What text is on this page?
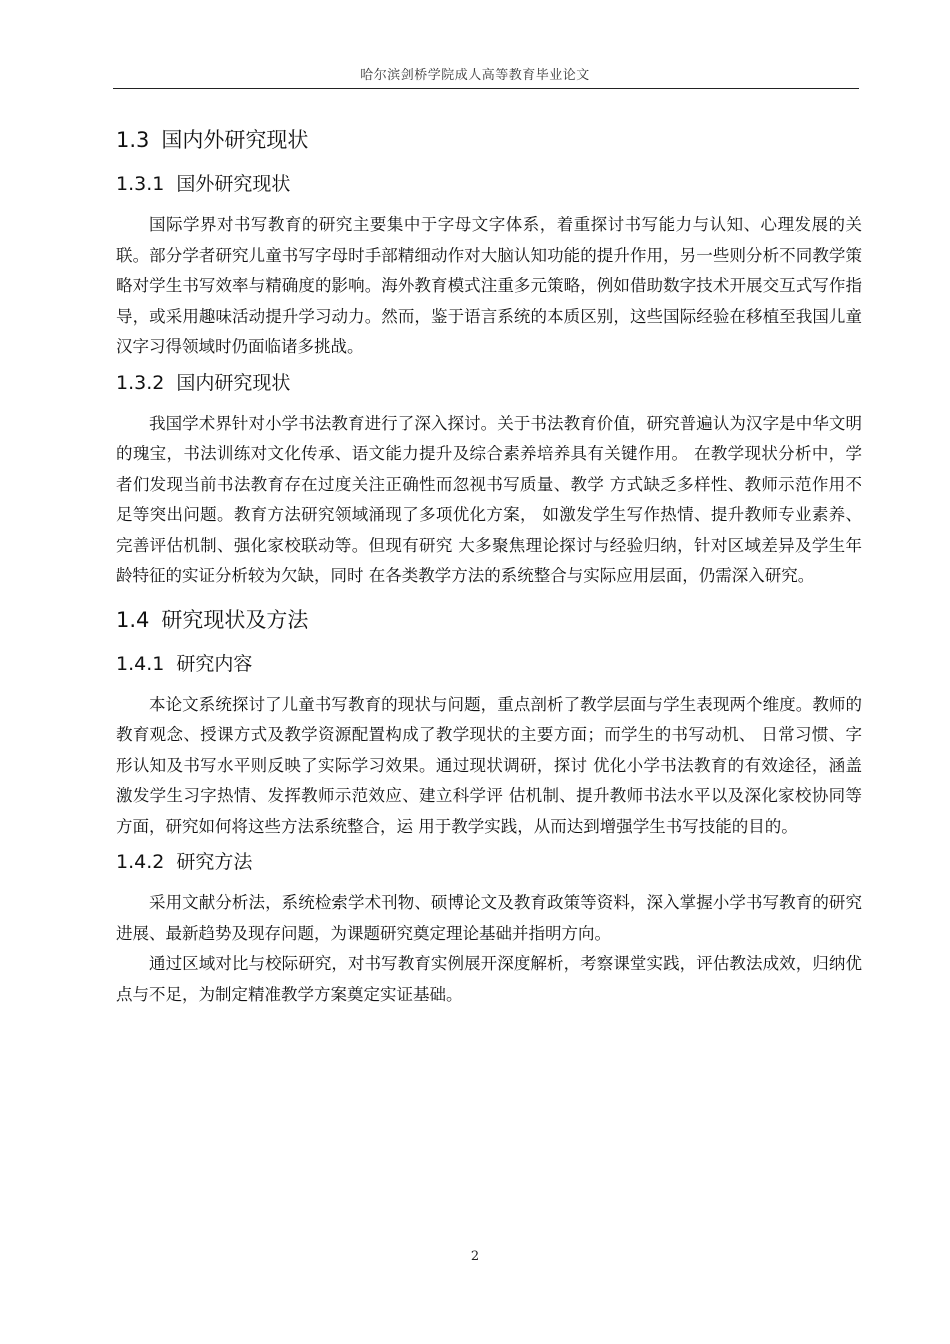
哈尔滨剑桥学院成人高等教育毕业论文
1.3 国内外研究现状
1.3.1 国外研究现状

国际学界对书写教育的研究主要集中于字母文字体系，着重探讨书写能力与认知、心理发展的关联。部分学者研究儿童书写字母时手部精细动作对大脑认知功能的提升作用，另一些则分析不同教学策略对学生书写效率与精确度的影响。海外教育模式注重多元策略，例如借助数字技术开展交互式写作指导，或采用趣味活动提升学习动力。然而，鉴于语言系统的本质区别，这些国际经验在移植至我国儿童汉字习得领域时仍面临诸多挑战。

1.3.2 国内研究现状

我国学术界针对小学书法教育进行了深入探讨。关于书法教育价值，研究普遍认为汉字是中华文明的瑰宝，书法训练对文化传承、语文能力提升及综合素养培养具有关键作用。 在教学现状分析中，学者们发现当前书法教育存在过度关注正确性而忽视书写质量、教学 方式缺乏多样性、教师示范作用不足等突出问题。教育方法研究领域涌现了多项优化方案， 如激发学生写作热情、提升教师专业素养、完善评估机制、强化家校联动等。但现有研究 大多聚焦理论探讨与经验归纳，针对区域差异及学生年龄特征的实证分析较为欠缺，同时 在各类教学方法的系统整合与实际应用层面，仍需深入研究。

1.4 研究现状及方法
1.4.1 研究内容

本论文系统探讨了儿童书写教育的现状与问题，重点剖析了教学层面与学生表现两个维度。教师的教育观念、授课方式及教学资源配置构成了教学现状的主要方面；而学生的书写动机、 日常习惯、字形认知及书写水平则反映了实际学习效果。通过现状调研，探讨 优化小学书法教育的有效途径，涵盖激发学生习字热情、发挥教师示范效应、建立科学评 估机制、提升教师书法水平以及深化家校协同等方面，研究如何将这些方法系统整合，运 用于教学实践，从而达到增强学生书写技能的目的。

1.4.2 研究方法

采用文献分析法，系统检索学术刊物、硕博论文及教育政策等资料，深入掌握小学书写教育的研究进展、最新趋势及现存问题，为课题研究奠定理论基础并指明方向。

通过区域对比与校际研究，对书写教育实例展开深度解析，考察课堂实践，评估教法成效，归纳优点与不足，为制定精准教学方案奠定实证基础。

2
